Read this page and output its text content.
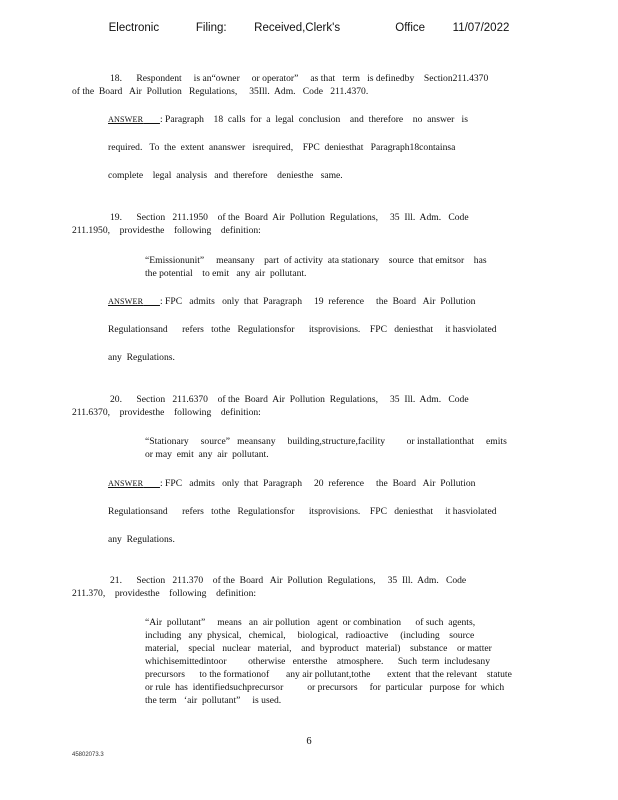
Electronic    Filing:   Received,Clerk's      Office   11/07/2022
18.      Respondent     is an“owner     or operator”     as that   term   is definedby    Section211.4370
of the  Board   Air  Pollution   Regulations,     35Ill.  Adm.   Code   211.4370.
ANSWER : Paragraph    18  calls  for  a  legal  conclusion    and  therefore    no  answer   is
required.   To  the  extent  ananswer   isrequired,    FPC  deniesthat   Paragraph18containsa
complete    legal  analysis   and  therefore    deniesthe   same.
19.      Section   211.1950    of the  Board  Air  Pollution  Regulations,     35  Ill.  Adm.   Code
211.1950,    providesthe    following    definition:
“Emissionunit”     meansany    part  of activity  ata stationary    source  that emitsor    has
the potential    to emit   any  air  pollutant.
ANSWER : FPC   admits   only  that  Paragraph     19  reference     the  Board   Air  Pollution
Regulationsand      refers   tothe   Regulationsfor      itsprovisions.    FPC   deniesthat     it hasviolated
any  Regulations.
20.      Section   211.6370    of the  Board  Air  Pollution  Regulations,     35  Ill.  Adm.   Code
211.6370,    providesthe    following    definition:
“Stationary     source”   meansany     building,structure,facility         or installationthat     emits
or may  emit  any  air  pollutant.
ANSWER : FPC   admits   only  that  Paragraph     20  reference     the  Board   Air  Pollution
Regulationsand      refers   tothe   Regulationsfor      itsprovisions.    FPC   deniesthat     it hasviolated
any  Regulations.
21.      Section   211.370    of the  Board   Air  Pollution  Regulations,     35  Ill.  Adm.   Code
211.370,    providesthe    following    definition:
“Air  pollutant”     means   an  air pollution   agent  or combination      of such  agents,
including   any  physical,   chemical,     biological,   radioactive     (including    source
material,    special   nuclear   material,    and  byproduct   material)    substance    or matter
whichisemittedintoor         otherwise   entersthe    atmosphere.      Such  term  includesany
precursors      to the formationof       any air pollutant,tothe       extent  that the relevant    statute
or rule  has  identifiedsuchprecursor          or precursors     for  particular   purpose  for  which
the term   ‘air  pollutant”     is used.
6
45802073.3
